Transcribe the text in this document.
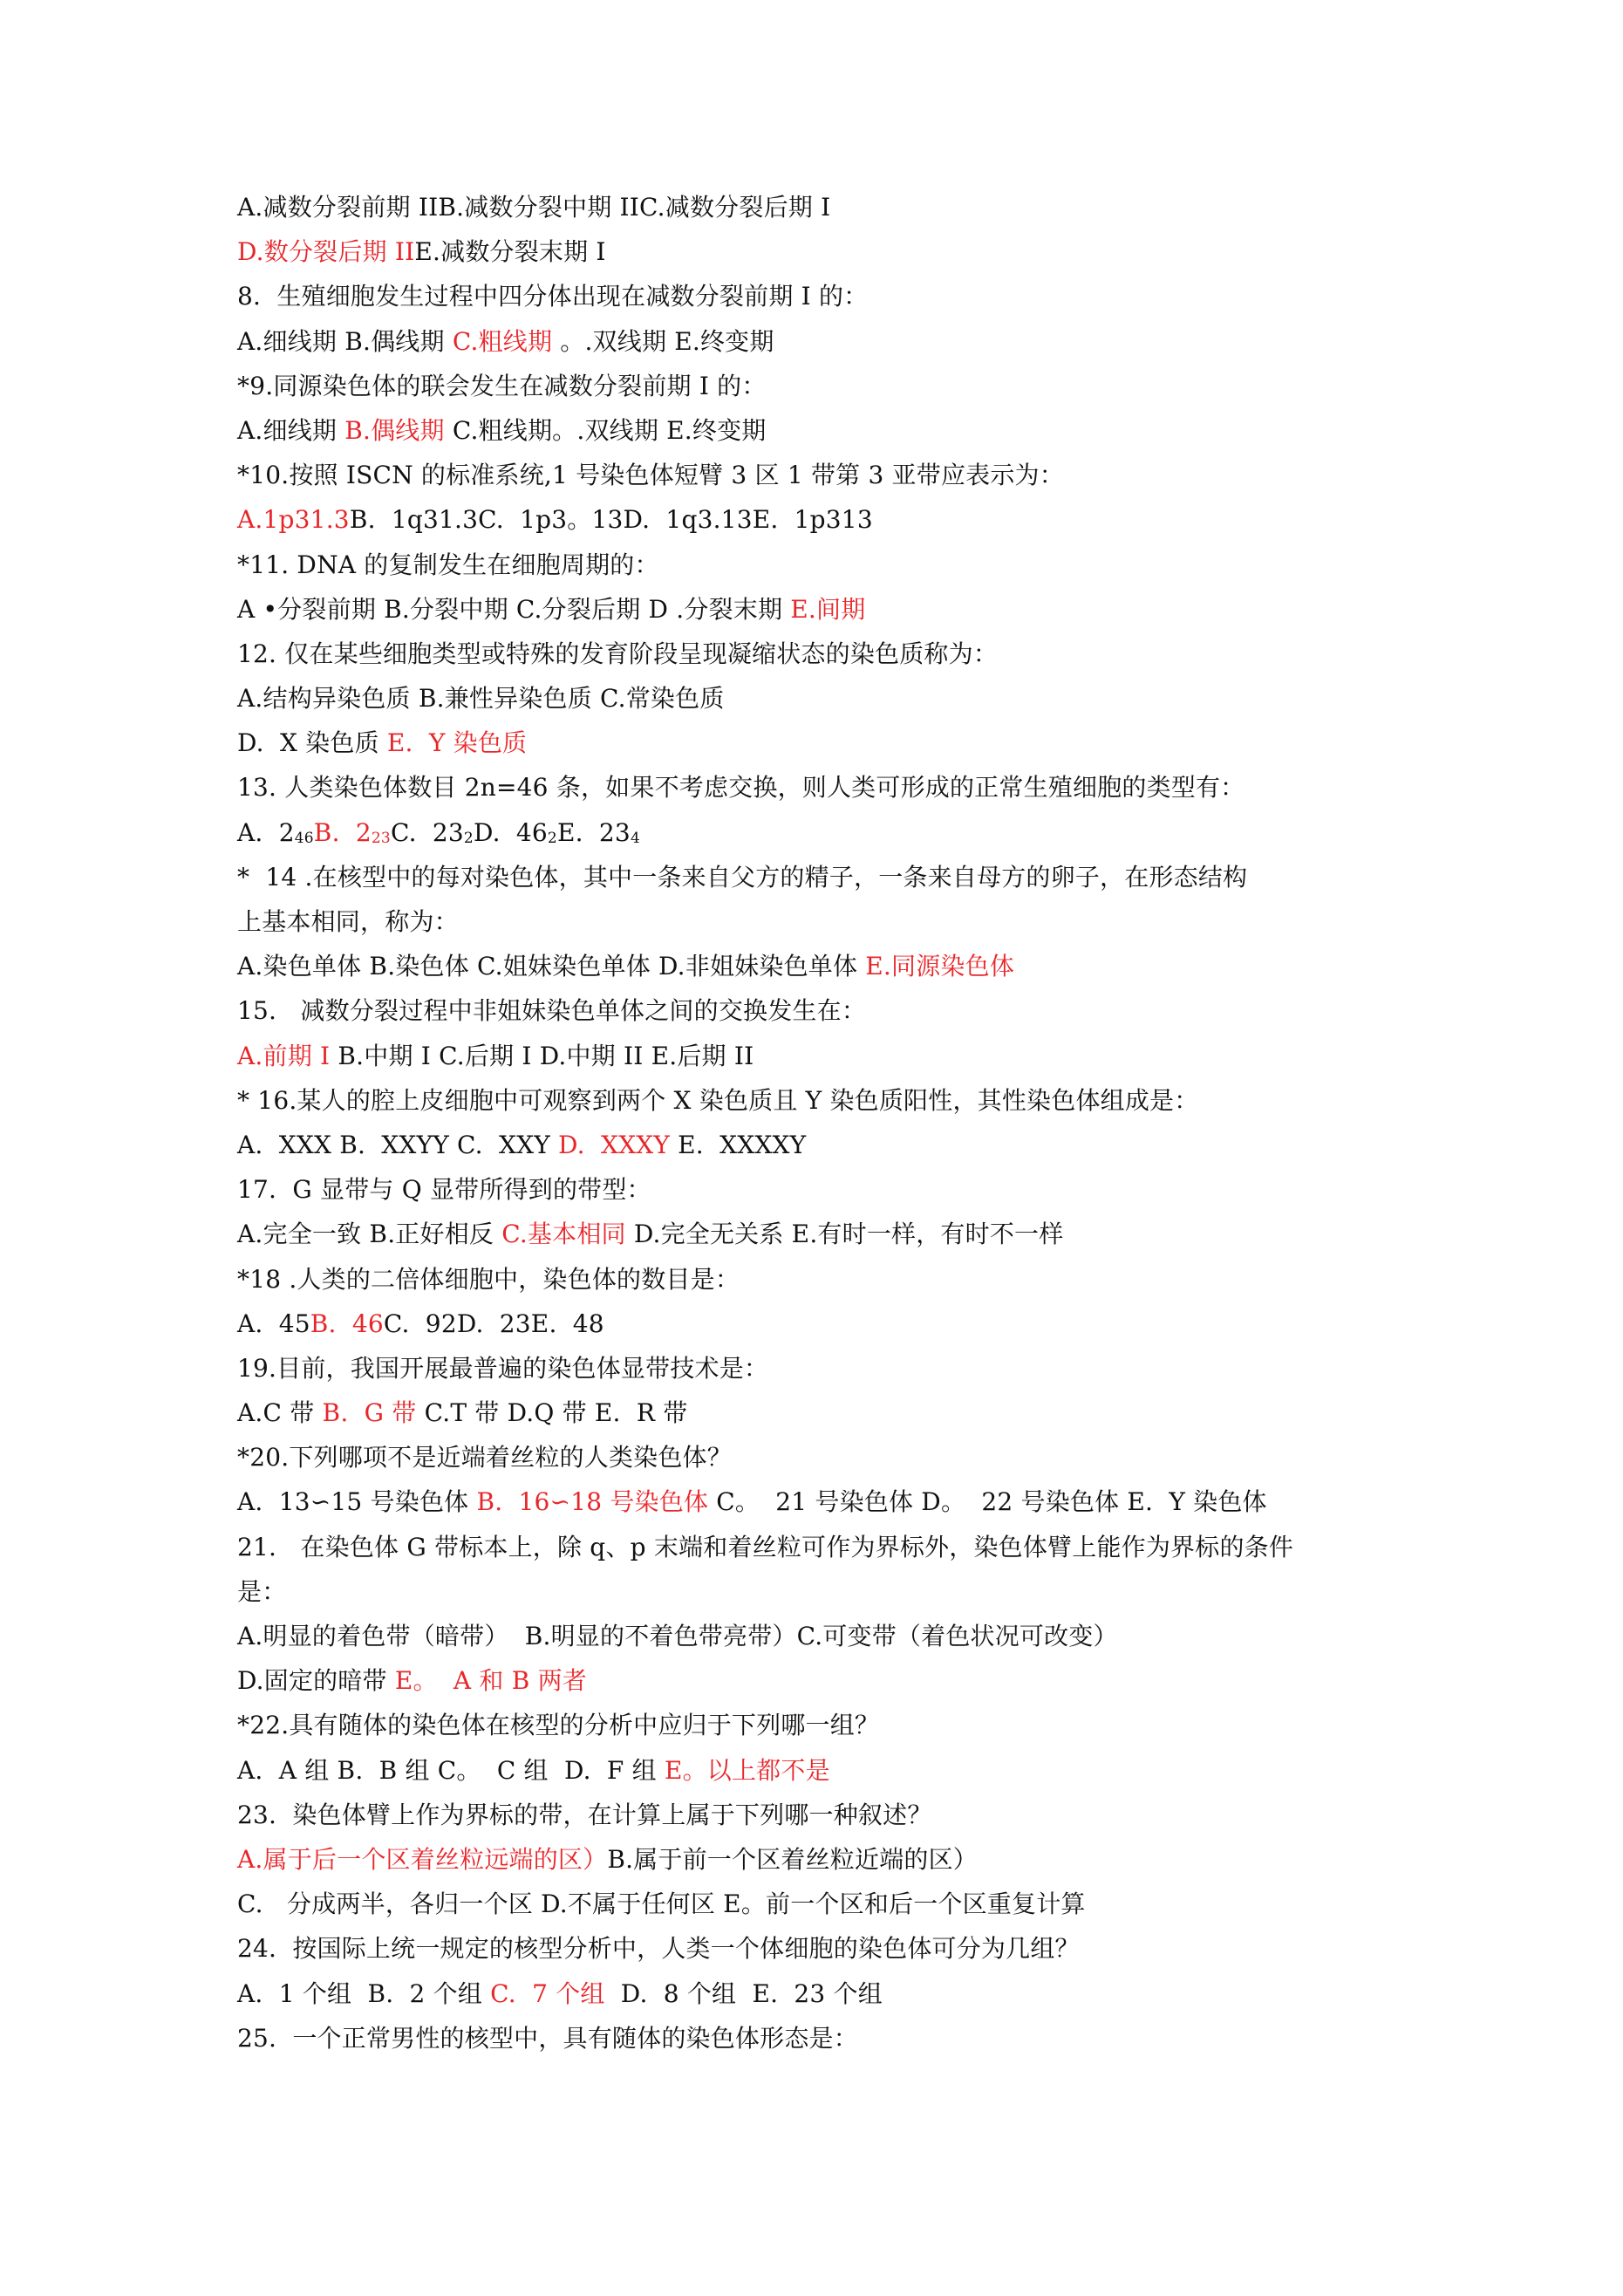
A.减数分裂前期 IIB.减数分裂中期 IIC.减数分裂后期 I
D.数分裂后期 IIE.减数分裂末期 I
8.  生殖细胞发生过程中四分体出现在减数分裂前期 I 的：
A.细线期 B.偶线期 C.粗线期 。.双线期 E.终变期
*9.同源染色体的联会发生在减数分裂前期 I 的：
A.细线期 B.偶线期 C.粗线期。.双线期 E.终变期
*10.按照 ISCN 的标准系统,1 号染色体短臂 3 区 1 带第 3 亚带应表示为：
A.1p31.3B.  1q31.3C.  1p3。13D.  1q3.13E.  1p313
*11. DNA 的复制发生在细胞周期的：
A •分裂前期 B.分裂中期 C.分裂后期 D .分裂末期 E.间期
12. 仅在某些细胞类型或特殊的发育阶段呈现凝缩状态的染色质称为：
A.结构异染色质 B.兼性异染色质 C.常染色质
D.  X 染色质 E.  Y 染色质
13. 人类染色体数目 2n=46 条，如果不考虑交换，则人类可形成的正常生殖细胞的类型有：
A.  $2_{46}B$.  $2_{23}C$.  $23_2D$.  $46_2E$.  $23_4$
*  14 .在核型中的每对染色体，其中一条来自父方的精子，一条来自母方的卵子，在形态结构
上基本相同，称为：
A.染色单体 B.染色体 C.姐妹染色单体 D.非姐妹染色单体 E.同源染色体
15.   减数分裂过程中非姐妹染色单体之间的交换发生在：
A.前期 I B.中期 I C.后期 I D.中期 II E.后期 II
* 16.某人的腔上皮细胞中可观察到两个 X 染色质且 Y 染色质阳性，其性染色体组成是：
A.  XXX B.  XXYY C.  XXY D.  XXXY E.  XXXXY
17.  G 显带与 Q 显带所得到的带型：
A.完全一致 B.正好相反 C.基本相同 D.完全无关系 E.有时一样，有时不一样
*18 .人类的二倍体细胞中，染色体的数目是：
A.  45B.  46C.  92D.  23E.  48
19.目前，我国开展最普遍的染色体显带技术是：
A.C 带 B.  G 带 C.T 带 D.Q 带 E.  R 带
*20.下列哪项不是近端着丝粒的人类染色体？
A.  13∽15 号染色体 B.  16∽18 号染色体 C。  21 号染色体 D。  22 号染色体 E.  Y 染色体
21.   在染色体 G 带标本上，除 q、p 末端和着丝粒可作为界标外，染色体臂上能作为界标的条件
是：
A.明显的着色带（暗带）  B.明显的不着色带亮带）C.可变带（着色状况可改变）
D.固定的暗带 E。  A 和 B 两者
*22.具有随体的染色体在核型的分析中应归于下列哪一组？
A.  A 组 B.  B 组 C。  C 组  D.  F 组 E。以上都不是
23.  染色体臂上作为界标的带，在计算上属于下列哪一种叙述？
A.属于后一个区着丝粒远端的区）B.属于前一个区着丝粒近端的区）
C.   分成两半，各归一个区 D.不属于任何区 E。前一个区和后一个区重复计算
24.  按国际上统一规定的核型分析中，人类一个体细胞的染色体可分为几组？
A.  1 个组  B.  2 个组 C.  7 个组  D.  8 个组  E.  23 个组
25.  一个正常男性的核型中，具有随体的染色体形态是：
